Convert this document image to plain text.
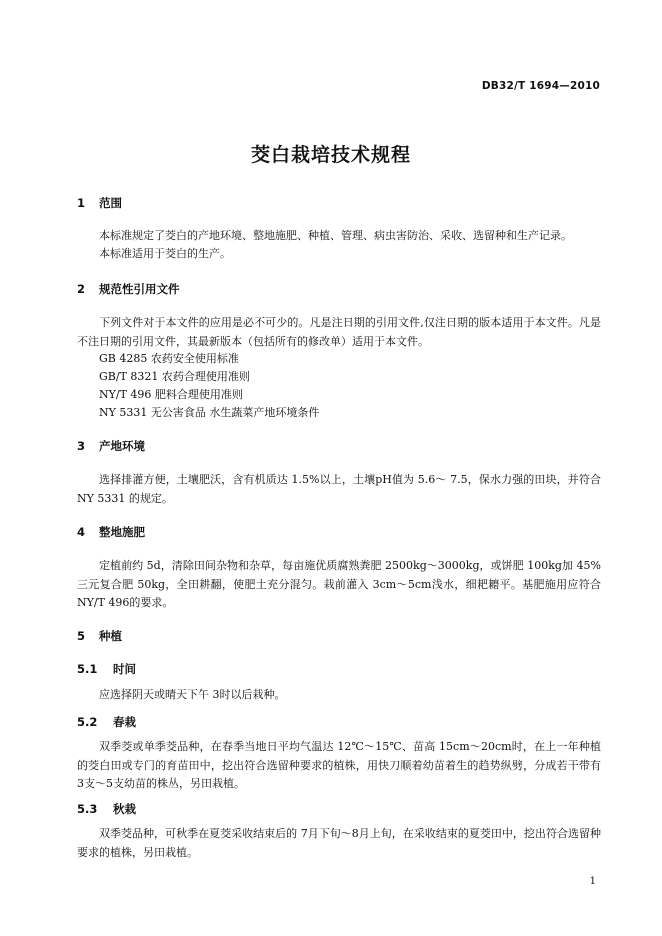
DB32/T 1694—2010
茭白栽培技术规程
1 范围

本标准规定了茭白的产地环境、整地施肥、种植、管理、病虫害防治、采收、选留种和生产记录。

本标准适用于茭白的生产。

2 规范性引用文件

下列文件对于本文件的应用是必不可少的。凡是注日期的引用文件,仅注日期的版本适用于本文件。凡是不注日期的引用文件，其最新版本（包括所有的修改单）适用于本文件。

GB 4285 农药安全使用标准
GB/T 8321 农药合理使用准则
NY/T 496 肥料合理使用准则
NY 5331 无公害食品 水生蔬菜产地环境条件
3 产地环境

选择排灌方便，土壤肥沃，含有机质达 1.5%以上，土壤pH值为 5.6～ 7.5，保水力强的田块，并符合 NY 5331 的规定。

4 整地施肥

定植前约 5d，清除田间杂物和杂草，每亩施优质腐熟粪肥 2500kg～3000kg，或饼肥 100kg加 45%三元复合肥 50kg，全田耕翻，使肥土充分混匀。栽前灌入 3cm～5cm浅水，细耙耱平。基肥施用应符合NY/T 496的要求。

5 种植
5.1 时间

应选择阴天或晴天下午 3时以后栽种。

5.2 春栽

双季茭或单季茭品种，在春季当地日平均气温达 12℃～15℃、苗高 15cm～20cm时，在上一年种植的茭白田或专门的育苗田中，挖出符合选留种要求的植株，用快刀顺着幼苗着生的趋势纵劈，分成若干带有 3支～5支幼苗的株丛，另田栽植。

5.3 秋栽

双季茭品种，可秋季在夏茭采收结束后的 7月下旬～8月上旬，在采收结束的夏茭田中，挖出符合选留种要求的植株，另田栽植。

1
